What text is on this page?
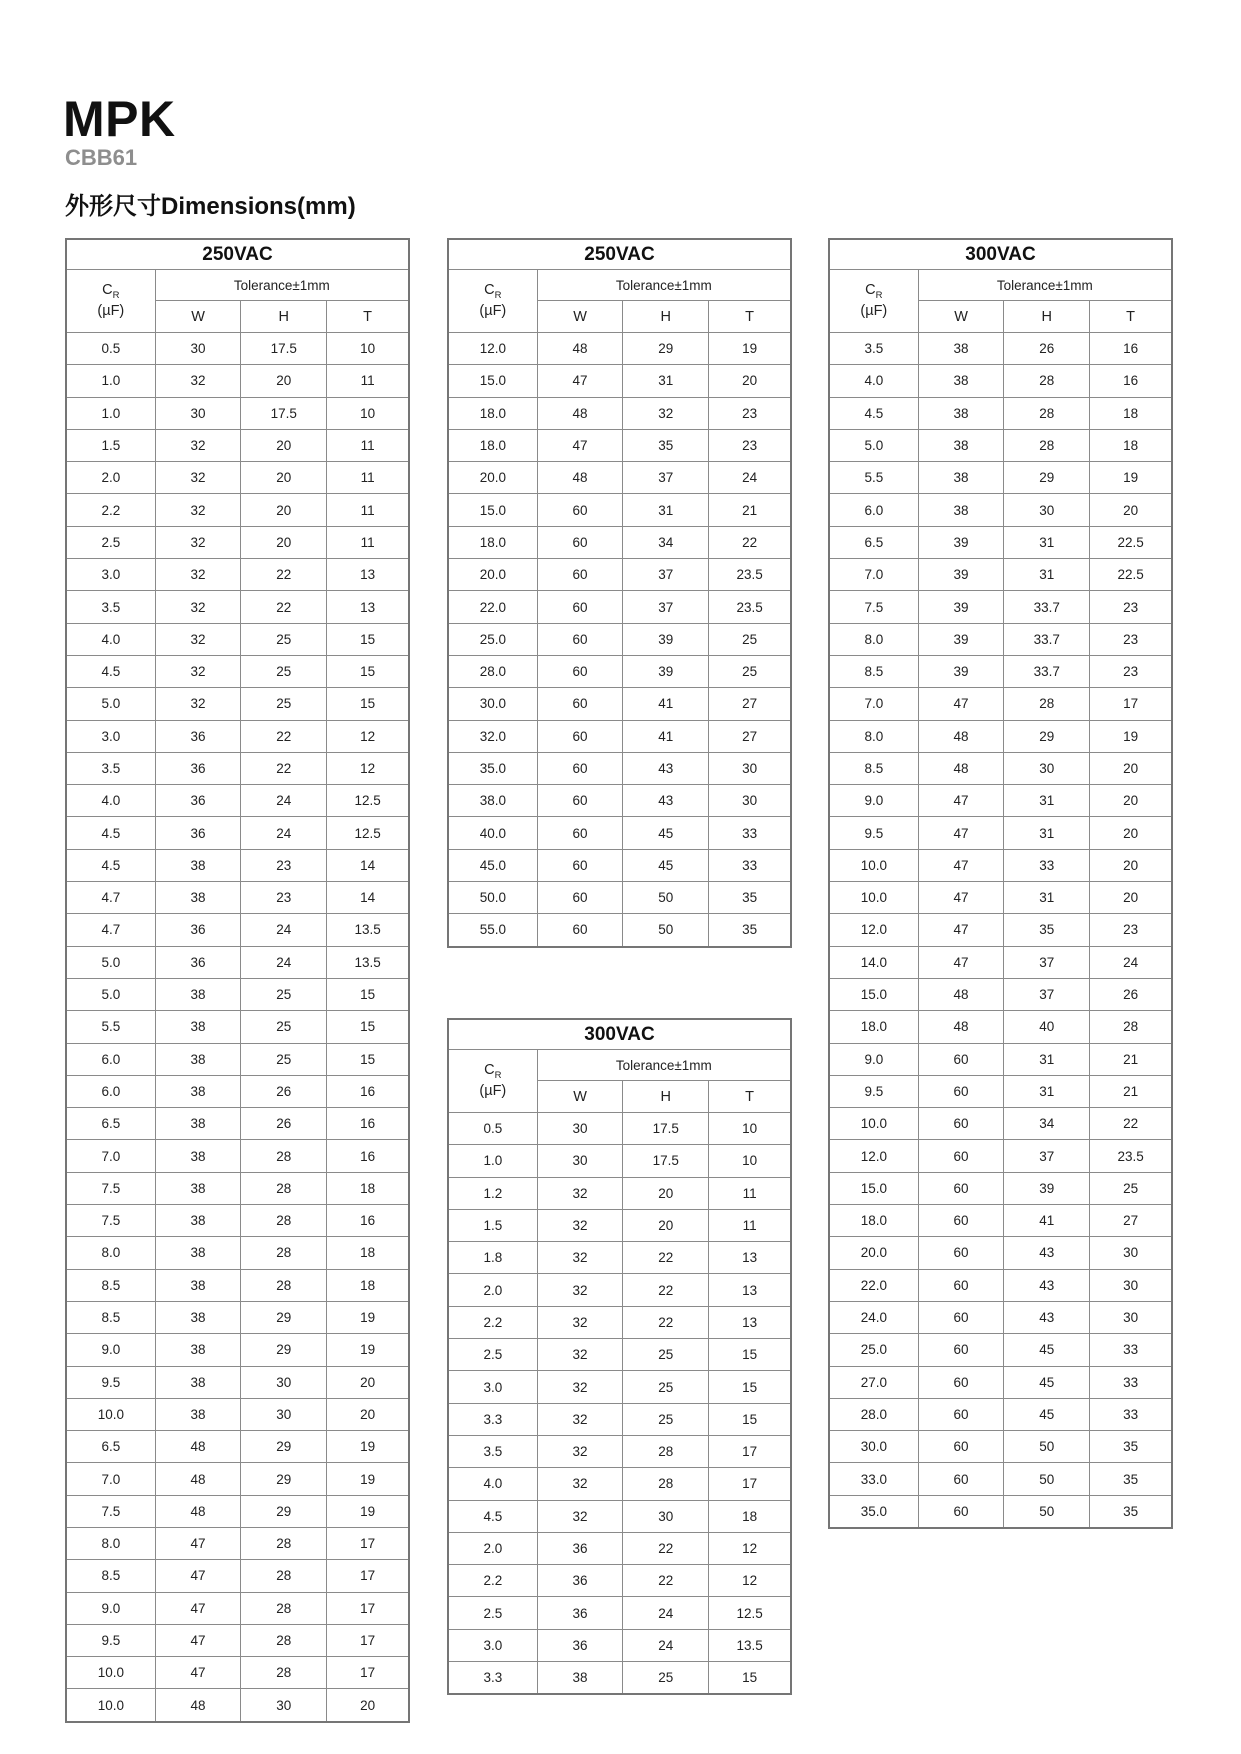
MPK
CBB61
外形尺寸Dimensions(mm)
250VAC			
$C_R$
(µF)	Tolerance±1mm		
	W	H	T
0.5	30	17.5	10
1.0	32	20	11
1.0	30	17.5	10
1.5	32	20	11
2.0	32	20	11
2.2	32	20	11
2.5	32	20	11
3.0	32	22	13
3.5	32	22	13
4.0	32	25	15
4.5	32	25	15
5.0	32	25	15
3.0	36	22	12
3.5	36	22	12
4.0	36	24	12.5
4.5	36	24	12.5
4.5	38	23	14
4.7	38	23	14
4.7	36	24	13.5
5.0	36	24	13.5
5.0	38	25	15
5.5	38	25	15
6.0	38	25	15
6.0	38	26	16
6.5	38	26	16
7.0	38	28	16
7.5	38	28	18
7.5	38	28	16
8.0	38	28	18
8.5	38	28	18
8.5	38	29	19
9.0	38	29	19
9.5	38	30	20
10.0	38	30	20
6.5	48	29	19
7.0	48	29	19
7.5	48	29	19
8.0	47	28	17
8.5	47	28	17
9.0	47	28	17
9.5	47	28	17
10.0	47	28	17
10.0	48	30	20
250VAC			
$C_R$
(µF)	Tolerance±1mm		
	W	H	T
12.0	48	29	19
15.0	47	31	20
18.0	48	32	23
18.0	47	35	23
20.0	48	37	24
15.0	60	31	21
18.0	60	34	22
20.0	60	37	23.5
22.0	60	37	23.5
25.0	60	39	25
28.0	60	39	25
30.0	60	41	27
32.0	60	41	27
35.0	60	43	30
38.0	60	43	30
40.0	60	45	33
45.0	60	45	33
50.0	60	50	35
55.0	60	50	35
300VAC			
$C_R$
(µF)	Tolerance±1mm		
	W	H	T
0.5	30	17.5	10
1.0	30	17.5	10
1.2	32	20	11
1.5	32	20	11
1.8	32	22	13
2.0	32	22	13
2.2	32	22	13
2.5	32	25	15
3.0	32	25	15
3.3	32	25	15
3.5	32	28	17
4.0	32	28	17
4.5	32	30	18
2.0	36	22	12
2.2	36	22	12
2.5	36	24	12.5
3.0	36	24	13.5
3.3	38	25	15
300VAC			
$C_R$
(µF)	Tolerance±1mm		
	W	H	T
3.5	38	26	16
4.0	38	28	16
4.5	38	28	18
5.0	38	28	18
5.5	38	29	19
6.0	38	30	20
6.5	39	31	22.5
7.0	39	31	22.5
7.5	39	33.7	23
8.0	39	33.7	23
8.5	39	33.7	23
7.0	47	28	17
8.0	48	29	19
8.5	48	30	20
9.0	47	31	20
9.5	47	31	20
10.0	47	33	20
10.0	47	31	20
12.0	47	35	23
14.0	47	37	24
15.0	48	37	26
18.0	48	40	28
9.0	60	31	21
9.5	60	31	21
10.0	60	34	22
12.0	60	37	23.5
15.0	60	39	25
18.0	60	41	27
20.0	60	43	30
22.0	60	43	30
24.0	60	43	30
25.0	60	45	33
27.0	60	45	33
28.0	60	45	33
30.0	60	50	35
33.0	60	50	35
35.0	60	50	35
